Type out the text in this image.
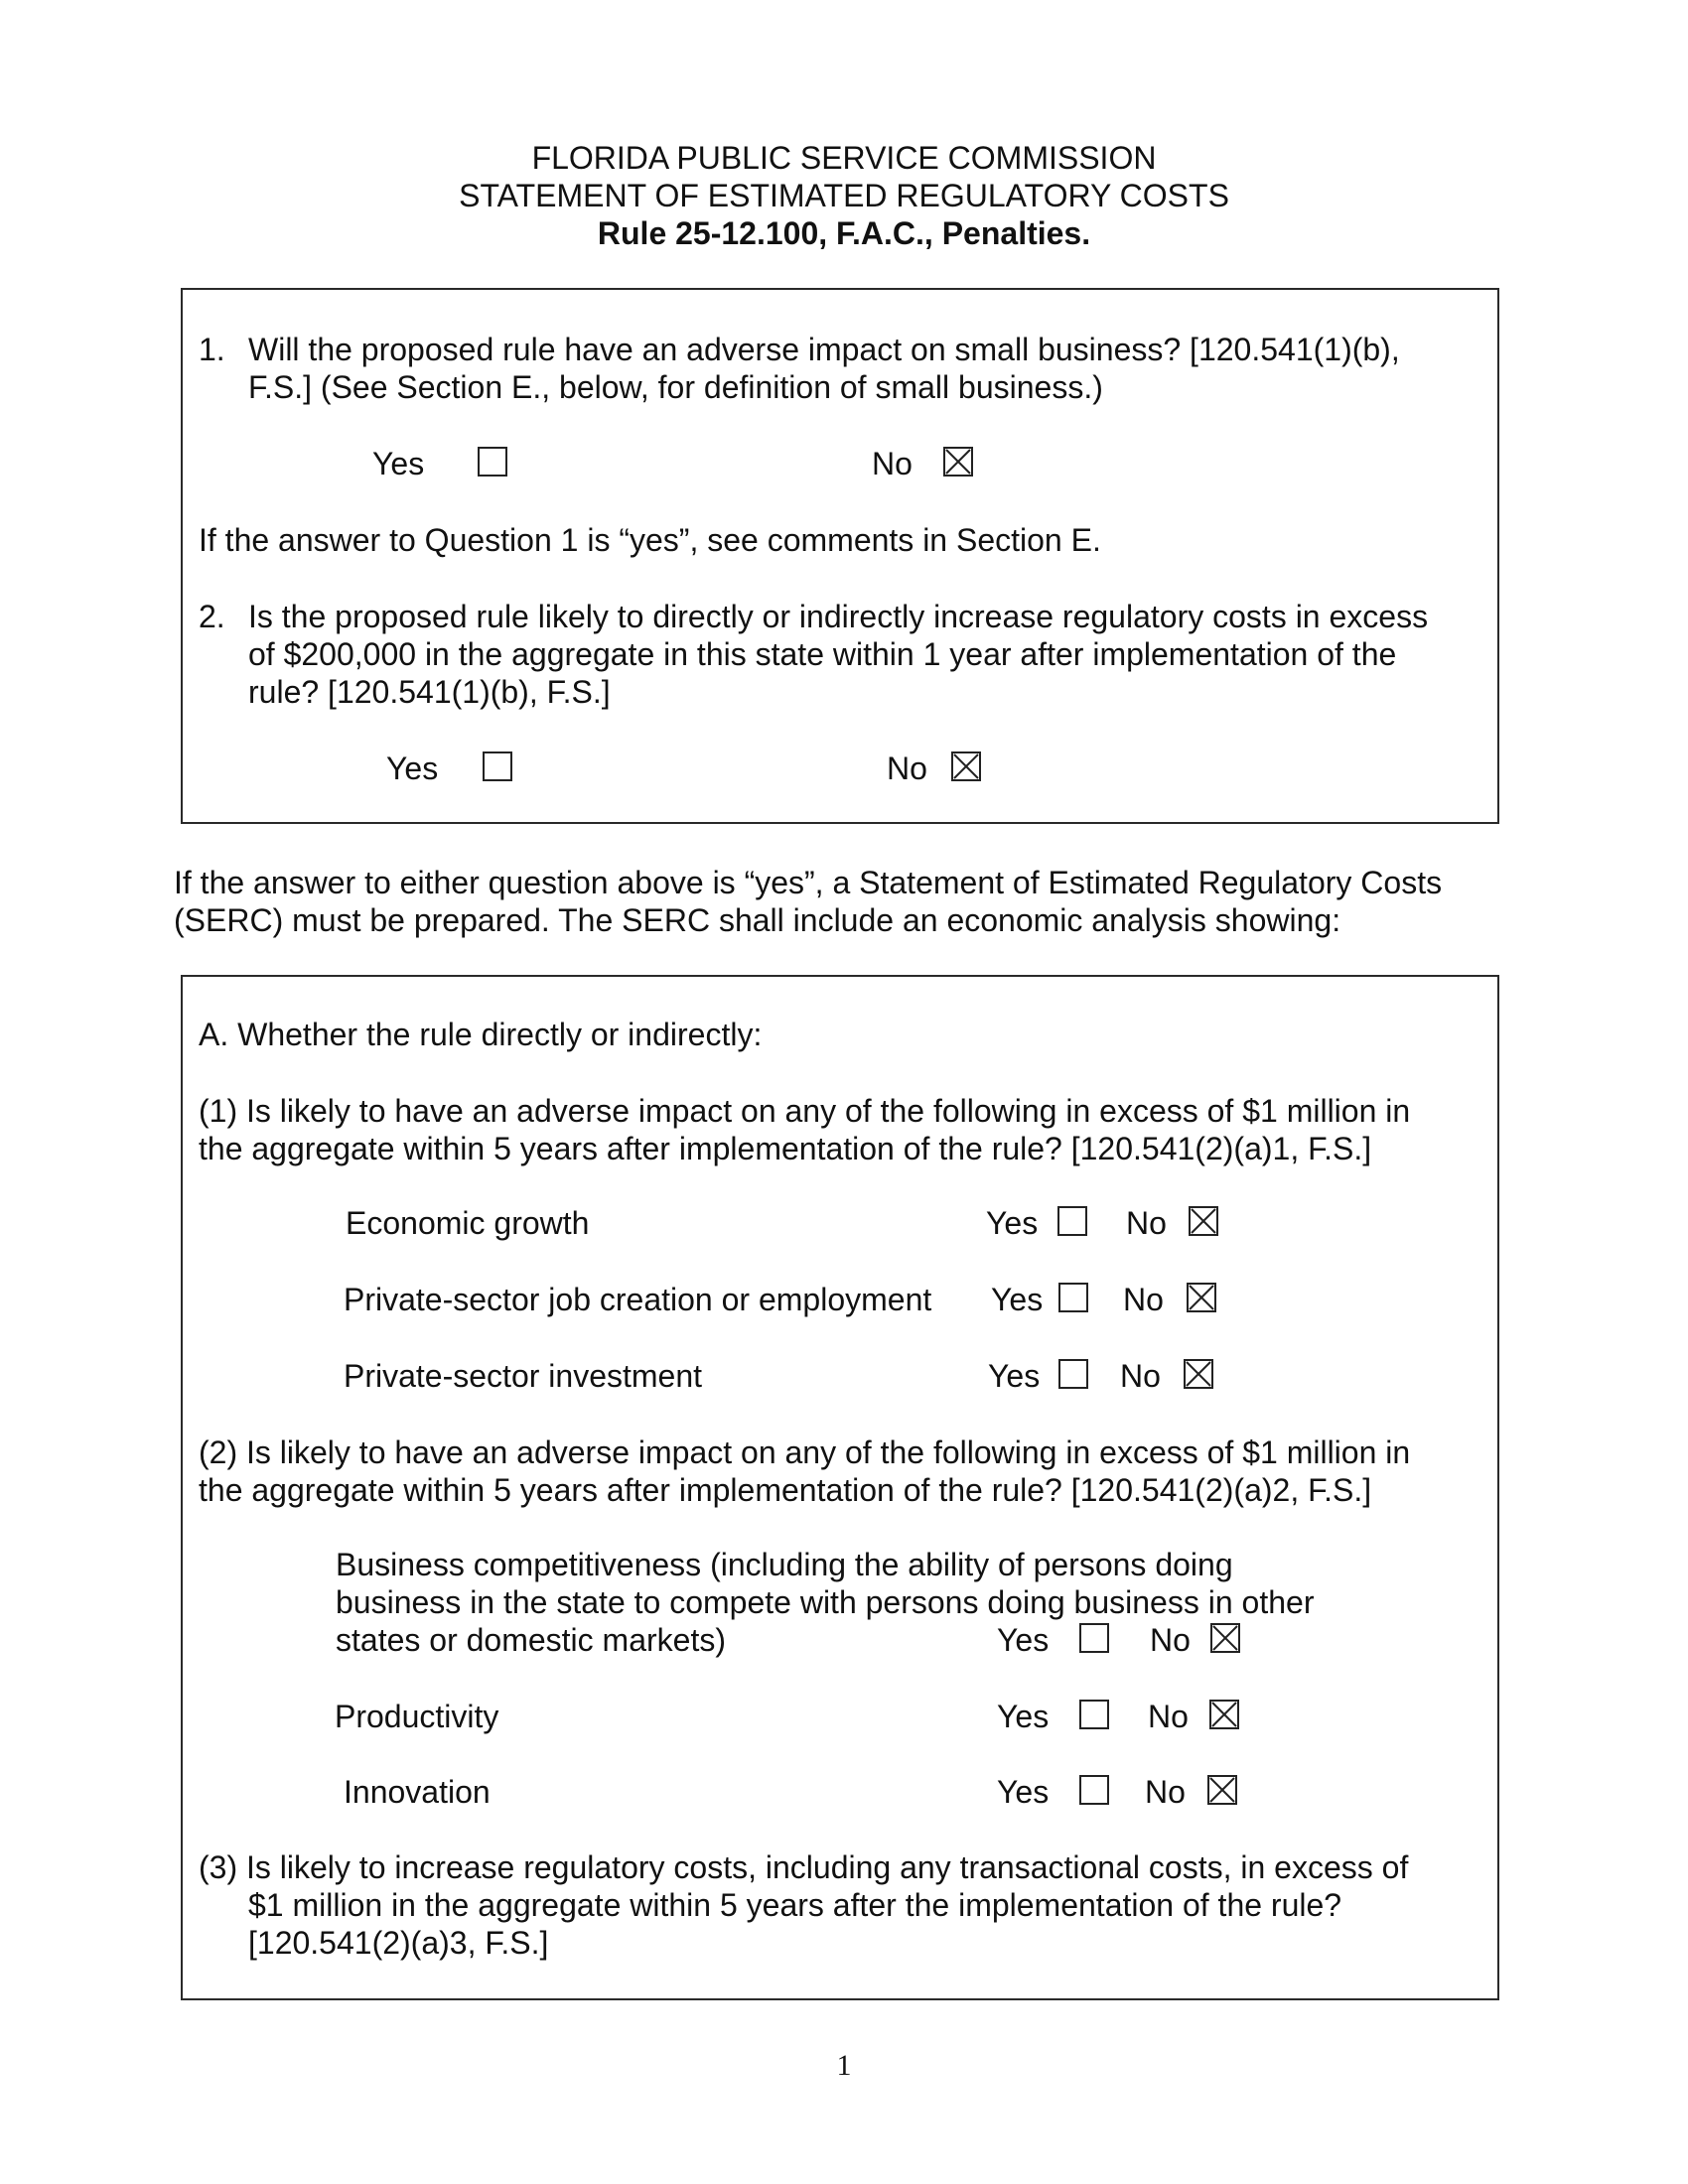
FLORIDA PUBLIC SERVICE COMMISSION
STATEMENT OF ESTIMATED REGULATORY COSTS
Rule 25-12.100, F.A.C., Penalties.
1. Will the proposed rule have an adverse impact on small business? [120.541(1)(b),
F.S.] (See Section E., below, for definition of small business.)
Yes	No
If the answer to Question 1 is “yes”, see comments in Section E.
2. Is the proposed rule likely to directly or indirectly increase regulatory costs in excess
of $200,000 in the aggregate in this state within 1 year after implementation of the
rule? [120.541(1)(b), F.S.]
Yes	No
If the answer to either question above is “yes”, a Statement of Estimated Regulatory Costs
(SERC) must be prepared. The SERC shall include an economic analysis showing:
A. Whether the rule directly or indirectly:
(1) Is likely to have an adverse impact on any of the following in excess of $1 million in
the aggregate within 5 years after implementation of the rule? [120.541(2)(a)1, F.S.]
Economic growth	Yes	No
Private-sector job creation or employment Yes	No
Private-sector investment	Yes	No
(2) Is likely to have an adverse impact on any of the following in excess of $1 million in
the aggregate within 5 years after implementation of the rule? [120.541(2)(a)2, F.S.]
Business competitiveness (including the ability of persons doing
business in the state to compete with persons doing business in other
states or domestic markets)	Yes	No
Productivity	Yes	No
Innovation	Yes	No
(3) Is likely to increase regulatory costs, including any transactional costs, in excess of
$1 million in the aggregate within 5 years after the implementation of the rule?
[120.541(2)(a)3, F.S.]
1
